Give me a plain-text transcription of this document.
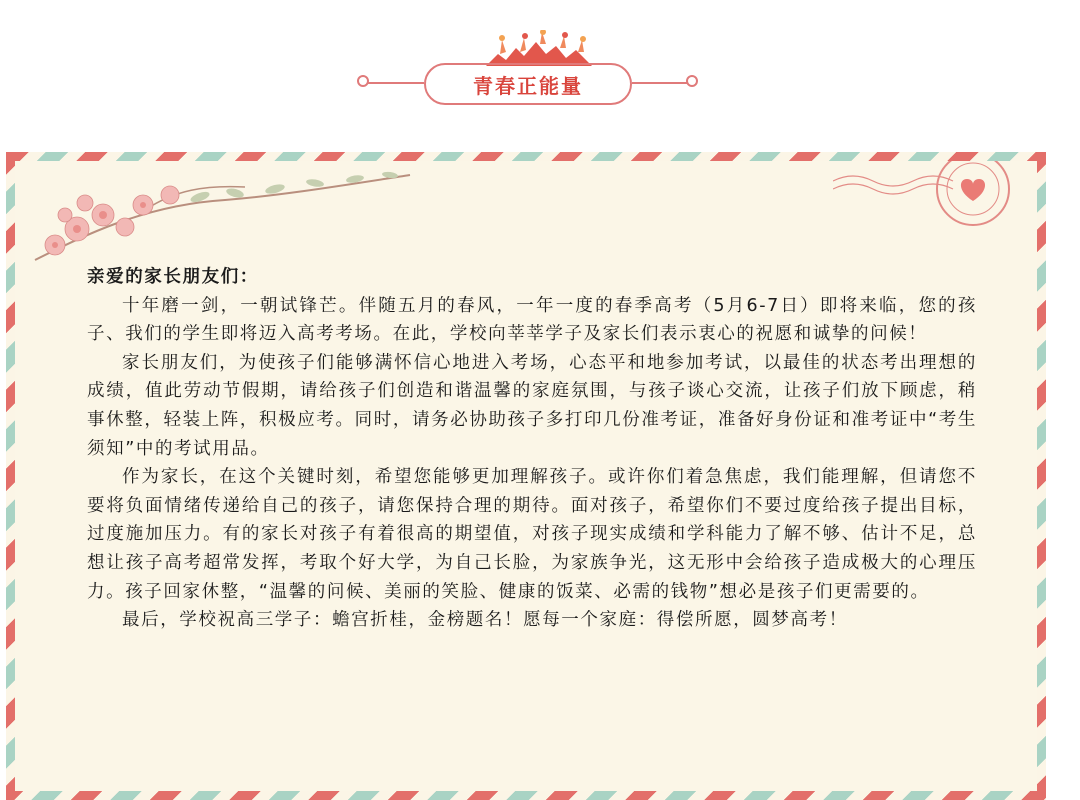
青春正能量

亲爱的家长朋友们：

十年磨一剑，一朝试锋芒。伴随五月的春风，一年一度的春季高考（5月6-7日）即将来临，您的孩子、我们的学生即将迈入高考考场。在此，学校向莘莘学子及家长们表示衷心的祝愿和诚挚的问候！

家长朋友们，为使孩子们能够满怀信心地进入考场，心态平和地参加考试，以最佳的状态考出理想的成绩，值此劳动节假期，请给孩子们创造和谐温馨的家庭氛围，与孩子谈心交流，让孩子们放下顾虑，稍事休整，轻装上阵，积极应考。同时，请务必协助孩子多打印几份准考证，准备好身份证和准考证中“考生须知”中的考试用品。

作为家长，在这个关键时刻，希望您能够更加理解孩子。或许你们着急焦虑，我们能理解，但请您不要将负面情绪传递给自己的孩子，请您保持合理的期待。面对孩子，希望你们不要过度给孩子提出目标，过度施加压力。有的家长对孩子有着很高的期望值，对孩子现实成绩和学科能力了解不够、估计不足，总想让孩子高考超常发挥，考取个好大学，为自己长脸，为家族争光，这无形中会给孩子造成极大的心理压力。孩子回家休整，“温馨的问候、美丽的笑脸、健康的饭菜、必需的钱物”想必是孩子们更需要的。

最后，学校祝高三学子：蟾宫折桂，金榜题名！愿每一个家庭：得偿所愿，圆梦高考！
